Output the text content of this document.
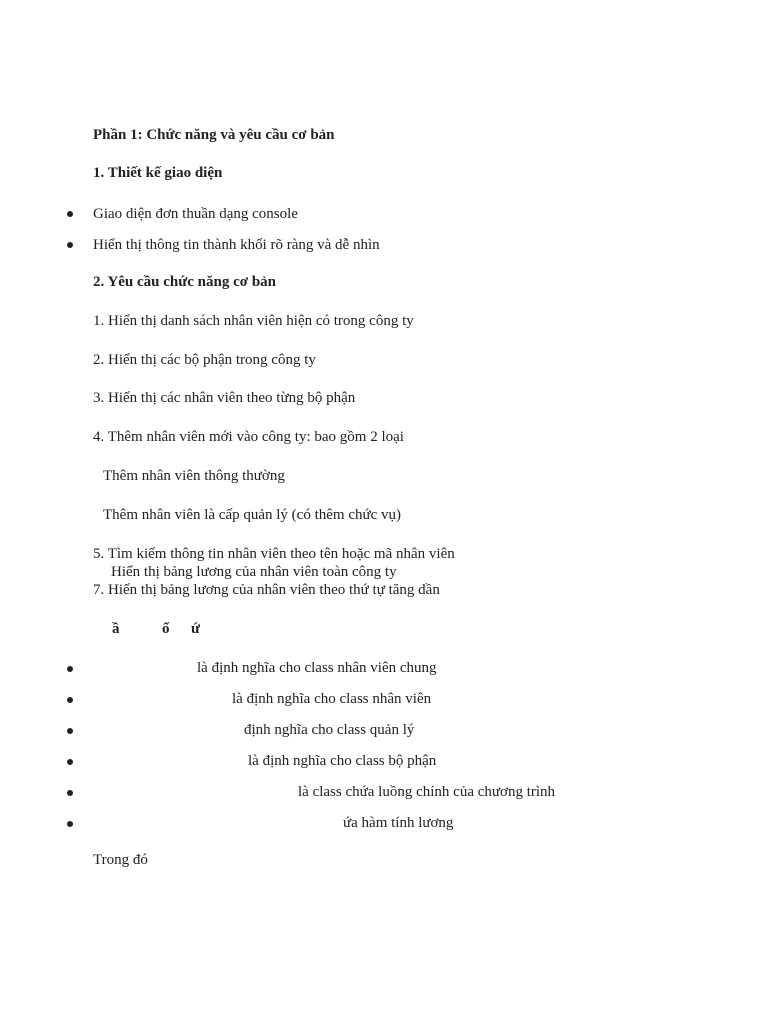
Phần 1: Chức năng và yêu cầu cơ bản
1. Thiết kế giao diện
Giao diện đơn thuần dạng console
Hiển thị thông tin thành khối rõ ràng và dễ nhìn
2. Yêu cầu chức năng cơ bản
1. Hiển thị danh sách nhân viên hiện có trong công ty
2. Hiển thị các bộ phận trong công ty
3. Hiển thị các nhân viên theo từng bộ phận
4. Thêm nhân viên mới vào công ty: bao gồm 2 loại
Thêm nhân viên thông thường
Thêm nhân viên là cấp quản lý (có thêm chức vụ)
5. Tìm kiếm thông tin nhân viên theo tên hoặc mã nhân viên
Hiển thị bảng lương của nhân viên toàn công ty
7. Hiển thị bảng lương của nhân viên theo thứ tự tăng dần
ầ	ổ ứ
là định nghĩa cho class nhân viên chung
là định nghĩa cho class nhân viên
định nghĩa cho class quản lý
là định nghĩa cho class bộ phận
là class chứa luồng chính của chương trình
ứa hàm tính lương
Trong đó
